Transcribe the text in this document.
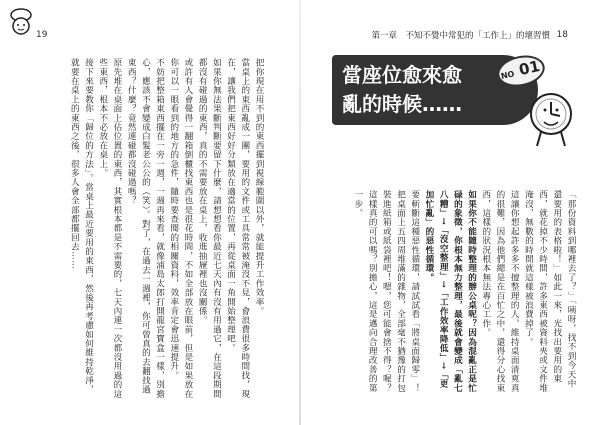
19

把你現在用不到的東西擺到視線範圍以外，就能提升工作效率。

當桌上的東西亂成一團，要用的文件或工具常常被淹沒不見，會浪費很多時間找，現在，讓我們把東西好好分類放在適當的位置，再從桌面一角開始整理吧。

如果你無法果斷判斷要留下什麼，請想想看你最近七天內有沒有用過它，在這段期間都沒有碰過的東西，真的不需要放在桌上，收進抽屜裡也沒關係。

或許有人會覺得一翻箱倒櫃找東西也是很花時間，不如全部放在眼前，但是如果放在你可以一眼看到的地方的急件，隨時要查閱的相關資料，效率肯定會迅速提升。

不妨把整箱東西擺在一旁一週，一週再來看，就像浦島太郎打開龍宮寶盒一樣，別擔心，應該不會變成白髮老公公的（笑）。對了，在過去一週裡，你可曾真的去翻找過東西？什麼？竟然連碰都沒碰過嗎？

原先堆在桌面上佔位置的東西，其實根本都是不需要的，七天內連一次都沒用過的這些東西，根本不必放在桌上。

接下來要教你「歸位的方法」。當桌上最近要用的東西，然後再考慮如何維持乾淨，就要在桌上的東西之後，很多人會全部都擺回去……

第一章　不知不覺中常犯的「工作上」的壞習慣 18
當座位愈來愈
亂的時候……
NO 01

「那份資料到哪裡去了？」「咦呀，找不到今天中還要用的表格啦！」如此一來，光找出要用的東西，就花掉不少時間，許多東西被資料夾或文件堆淹沒，無數的時間就這樣被浪費掉了。

這讓你想起許多多不擅整理的人，維持桌面清爽真的很難，因為他們總是在百忙之中，還得分心找東西，這樣的狀況根本無法專心工作。

如果你不能隨時整理的辦公桌呢？因為混亂正是忙碌的象徵，你根本無力整理，最後就會變成「亂七八糟」→「沒空整理」→「工作效率降低」→「更加忙亂」的惡性循環。

要斬斷這種惡性循環，請試試看「將桌面歸零」！把桌面上五四周堆滿的雜物，全部毫不猶豫的打包裝進紙箱或紙袋裡吧！嗯，您可能會捨不得？喔？這樣真的可以嗎？別擔心，這是邁向合理改善的第一步。
